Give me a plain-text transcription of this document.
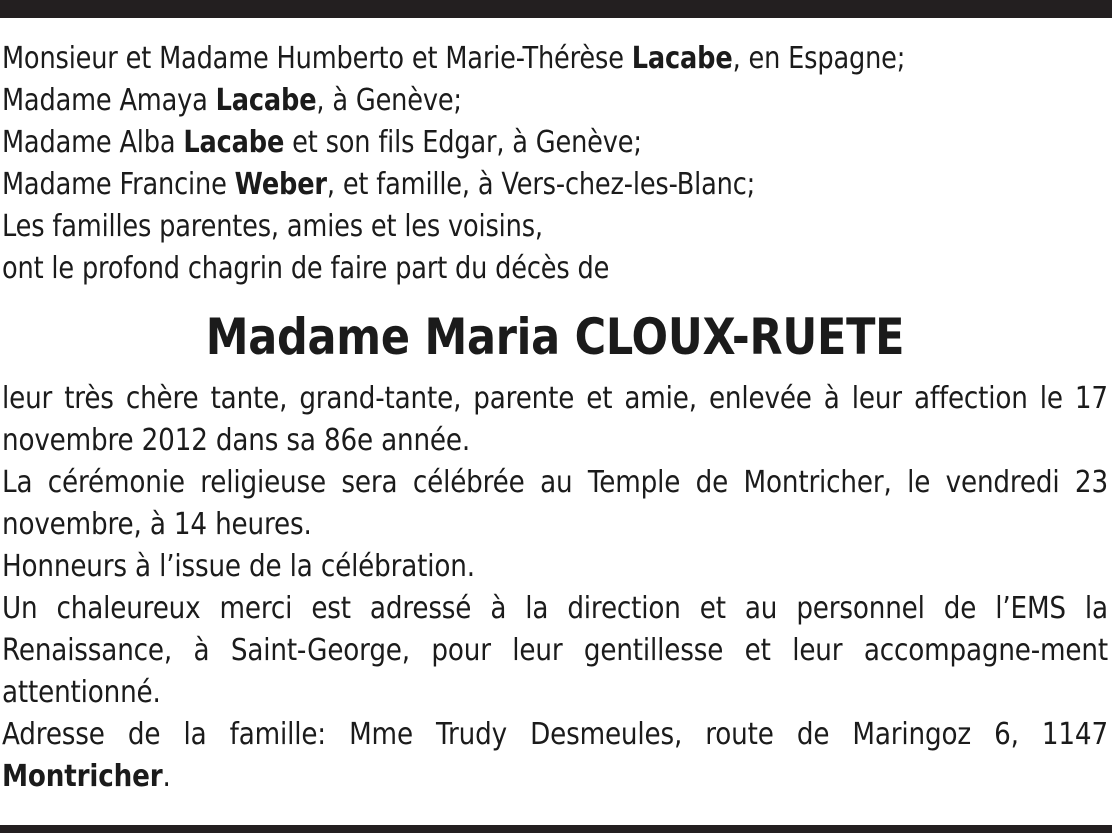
Monsieur et Madame Humberto et Marie-Thérèse Lacabe, en Espagne;
Madame Amaya Lacabe, à Genève;
Madame Alba Lacabe et son fils Edgar, à Genève;
Madame Francine Weber, et famille, à Vers-chez-les-Blanc;
Les familles parentes, amies et les voisins,
ont le profond chagrin de faire part du décès de
Madame Maria CLOUX-RUETE

leur très chère tante, grand-tante, parente et amie, enlevée à leur affection le 17 novembre 2012 dans sa 86e année.

La cérémonie religieuse sera célébrée au Temple de Montricher, le vendredi 23 novembre, à 14 heures.

Honneurs à l’issue de la célébration.

Un chaleureux merci est adressé à la direction et au personnel de l’EMS la Renaissance, à Saint-George, pour leur gentillesse et leur accompagne-ment attentionné.

Adresse de la famille: Mme Trudy Desmeules, route de Maringoz 6, 1147 Montricher.
